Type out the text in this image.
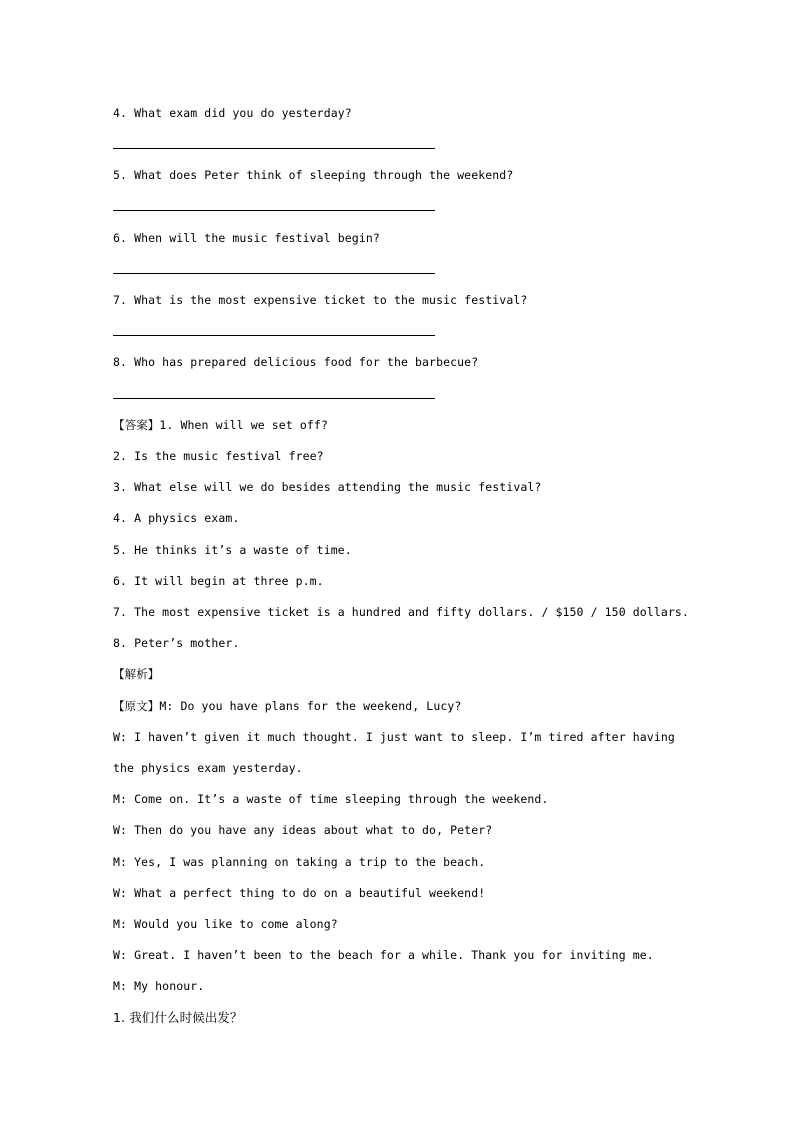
4. What exam did you do yesterday?
5. What does Peter think of sleeping through the weekend?
6. When will the music festival begin?
7. What is the most expensive ticket to the music festival?
8. Who has prepared delicious food for the barbecue?
【答案】1. When will we set off?
2. Is the music festival free?
3. What else will we do besides attending the music festival?
4. A physics exam.
5. He thinks it’s a waste of time.
6. It will begin at three p.m.
7. The most expensive ticket is a hundred and fifty dollars. / $150 / 150 dollars.
8. Peter’s mother.
【解析】
【原文】M: Do you have plans for the weekend, Lucy?
W: I haven’t given it much thought. I just want to sleep. I’m tired after having
the physics exam yesterday.
M: Come on. It’s a waste of time sleeping through the weekend.
W: Then do you have any ideas about what to do, Peter?
M: Yes, I was planning on taking a trip to the beach.
W: What a perfect thing to do on a beautiful weekend!
M: Would you like to come along?
W: Great. I haven’t been to the beach for a while. Thank you for inviting me.
M: My honour.
1. 我们什么时候出发？
